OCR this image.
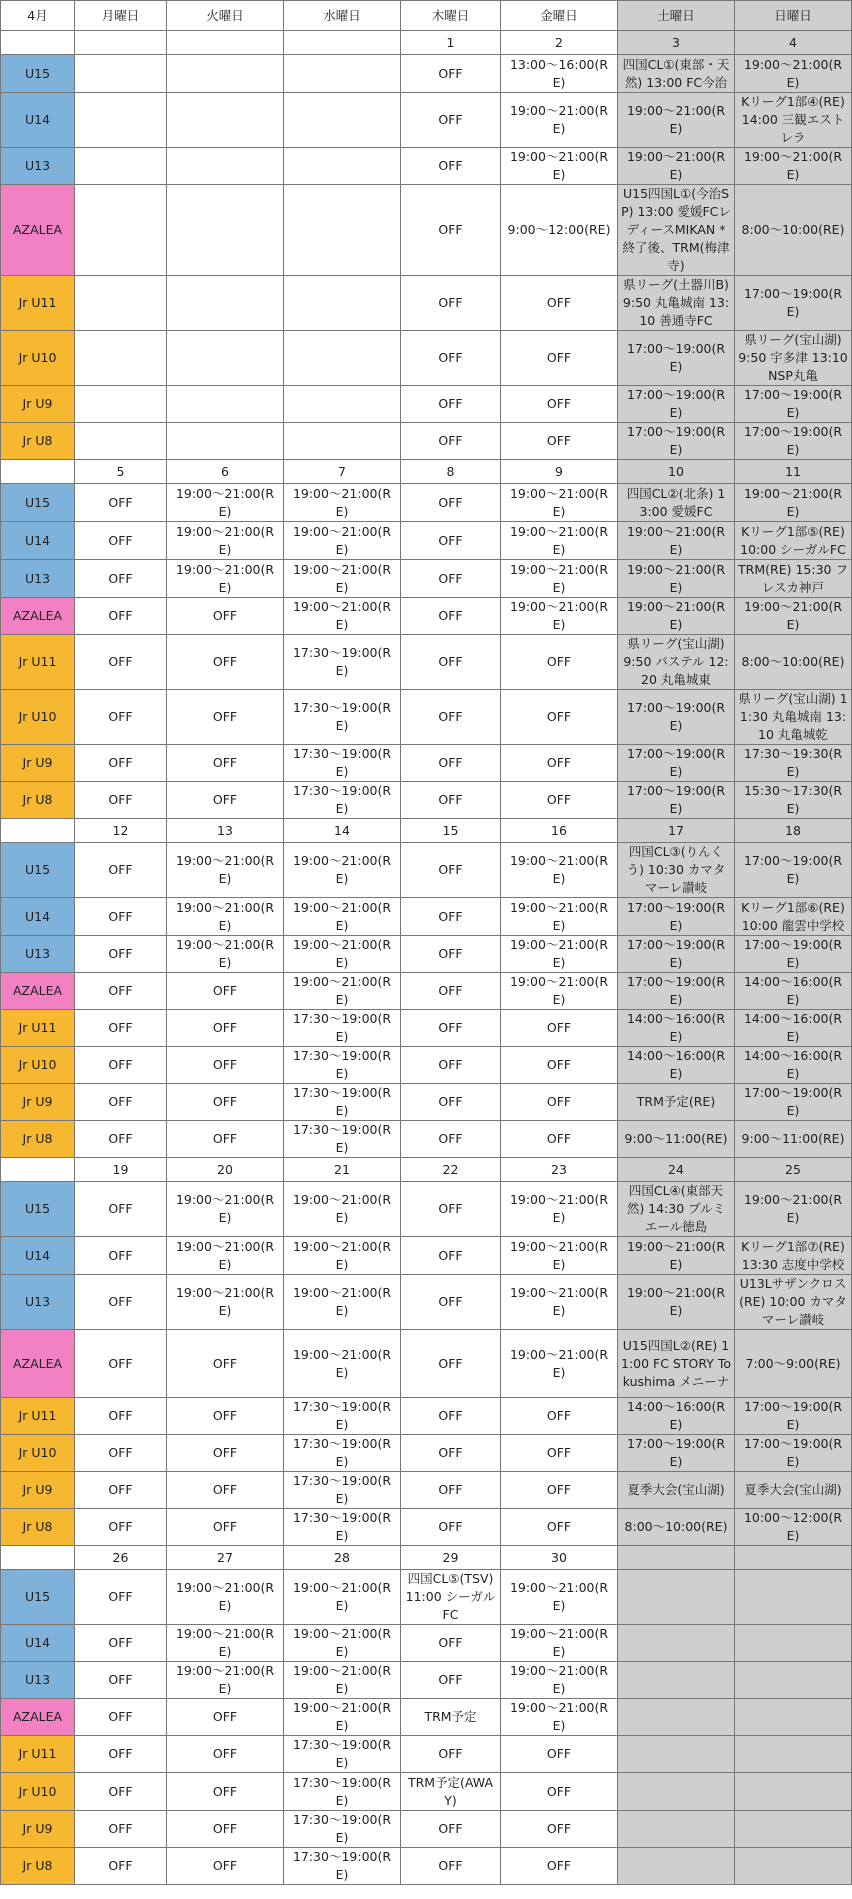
4月	月曜日	火曜日	水曜日	木曜日	金曜日	土曜日	日曜日
				1	2	3	4
U15				OFF	13:00〜16:00(RE)	四国CL①(東部・天然) 13:00 FC今治	19:00〜21:00(RE)
U14				OFF	19:00〜21:00(RE)	19:00〜21:00(RE)	Kリーグ1部④(RE) 14:00 三観エストレラ
U13				OFF	19:00〜21:00(RE)	19:00〜21:00(RE)	19:00〜21:00(RE)
AZALEA				OFF	9:00〜12:00(RE)	U15四国L①(今治SP) 13:00 愛媛FCレディースMIKAN *終了後、TRM(梅津寺)	8:00〜10:00(RE)
Jr U11				OFF	OFF	県リーグ(土器川B) 9:50 丸亀城南 13:10 善通寺FC	17:00〜19:00(RE)
Jr U10				OFF	OFF	17:00〜19:00(RE)	県リーグ(宝山湖) 9:50 宇多津 13:10 NSP丸亀
Jr U9				OFF	OFF	17:00〜19:00(RE)	17:00〜19:00(RE)
Jr U8				OFF	OFF	17:00〜19:00(RE)	17:00〜19:00(RE)
	5	6	7	8	9	10	11
U15	OFF	19:00〜21:00(RE)	19:00〜21:00(RE)	OFF	19:00〜21:00(RE)	四国CL②(北条) 13:00 愛媛FC	19:00〜21:00(RE)
U14	OFF	19:00〜21:00(RE)	19:00〜21:00(RE)	OFF	19:00〜21:00(RE)	19:00〜21:00(RE)	Kリーグ1部⑤(RE) 10:00 シーガルFC
U13	OFF	19:00〜21:00(RE)	19:00〜21:00(RE)	OFF	19:00〜21:00(RE)	19:00〜21:00(RE)	TRM(RE) 15:30 フレスカ神戸
AZALEA	OFF	OFF	19:00〜21:00(RE)	OFF	19:00〜21:00(RE)	19:00〜21:00(RE)	19:00〜21:00(RE)
Jr U11	OFF	OFF	17:30〜19:00(RE)	OFF	OFF	県リーグ(宝山湖) 9:50 パステル 12:20 丸亀城東	8:00〜10:00(RE)
Jr U10	OFF	OFF	17:30〜19:00(RE)	OFF	OFF	17:00〜19:00(RE)	県リーグ(宝山湖) 11:30 丸亀城南 13:10 丸亀城乾
Jr U9	OFF	OFF	17:30〜19:00(RE)	OFF	OFF	17:00〜19:00(RE)	17:30〜19:30(RE)
Jr U8	OFF	OFF	17:30〜19:00(RE)	OFF	OFF	17:00〜19:00(RE)	15:30〜17:30(RE)
	12	13	14	15	16	17	18
U15	OFF	19:00〜21:00(RE)	19:00〜21:00(RE)	OFF	19:00〜21:00(RE)	四国CL③(りんくう) 10:30 カマタマーレ讃岐	17:00〜19:00(RE)
U14	OFF	19:00〜21:00(RE)	19:00〜21:00(RE)	OFF	19:00〜21:00(RE)	17:00〜19:00(RE)	Kリーグ1部⑥(RE) 10:00 龍雲中学校
U13	OFF	19:00〜21:00(RE)	19:00〜21:00(RE)	OFF	19:00〜21:00(RE)	17:00〜19:00(RE)	17:00〜19:00(RE)
AZALEA	OFF	OFF	19:00〜21:00(RE)	OFF	19:00〜21:00(RE)	17:00〜19:00(RE)	14:00〜16:00(RE)
Jr U11	OFF	OFF	17:30〜19:00(RE)	OFF	OFF	14:00〜16:00(RE)	14:00〜16:00(RE)
Jr U10	OFF	OFF	17:30〜19:00(RE)	OFF	OFF	14:00〜16:00(RE)	14:00〜16:00(RE)
Jr U9	OFF	OFF	17:30〜19:00(RE)	OFF	OFF	TRM予定(RE)	17:00〜19:00(RE)
Jr U8	OFF	OFF	17:30〜19:00(RE)	OFF	OFF	9:00〜11:00(RE)	9:00〜11:00(RE)
	19	20	21	22	23	24	25
U15	OFF	19:00〜21:00(RE)	19:00〜21:00(RE)	OFF	19:00〜21:00(RE)	四国CL④(東部天然) 14:30 プルミエール徳島	19:00〜21:00(RE)
U14	OFF	19:00〜21:00(RE)	19:00〜21:00(RE)	OFF	19:00〜21:00(RE)	19:00〜21:00(RE)	Kリーグ1部⑦(RE) 13:30 志度中学校
U13	OFF	19:00〜21:00(RE)	19:00〜21:00(RE)	OFF	19:00〜21:00(RE)	19:00〜21:00(RE)	U13Lサザンクロス(RE) 10:00 カマタマーレ讃岐
AZALEA	OFF	OFF	19:00〜21:00(RE)	OFF	19:00〜21:00(RE)	U15四国L②(RE) 11:00 FC STORY Tokushima メニーナ	7:00〜9:00(RE)
Jr U11	OFF	OFF	17:30〜19:00(RE)	OFF	OFF	14:00〜16:00(RE)	17:00〜19:00(RE)
Jr U10	OFF	OFF	17:30〜19:00(RE)	OFF	OFF	17:00〜19:00(RE)	17:00〜19:00(RE)
Jr U9	OFF	OFF	17:30〜19:00(RE)	OFF	OFF	夏季大会(宝山湖)	夏季大会(宝山湖)
Jr U8	OFF	OFF	17:30〜19:00(RE)	OFF	OFF	8:00〜10:00(RE)	10:00〜12:00(RE)
	26	27	28	29	30		
U15	OFF	19:00〜21:00(RE)	19:00〜21:00(RE)	四国CL⑤(TSV) 11:00 シーガルFC	19:00〜21:00(RE)		
U14	OFF	19:00〜21:00(RE)	19:00〜21:00(RE)	OFF	19:00〜21:00(RE)		
U13	OFF	19:00〜21:00(RE)	19:00〜21:00(RE)	OFF	19:00〜21:00(RE)		
AZALEA	OFF	OFF	19:00〜21:00(RE)	TRM予定	19:00〜21:00(RE)		
Jr U11	OFF	OFF	17:30〜19:00(RE)	OFF	OFF		
Jr U10	OFF	OFF	17:30〜19:00(RE)	TRM予定(AWAY)	OFF		
Jr U9	OFF	OFF	17:30〜19:00(RE)	OFF	OFF		
Jr U8	OFF	OFF	17:30〜19:00(RE)	OFF	OFF		
